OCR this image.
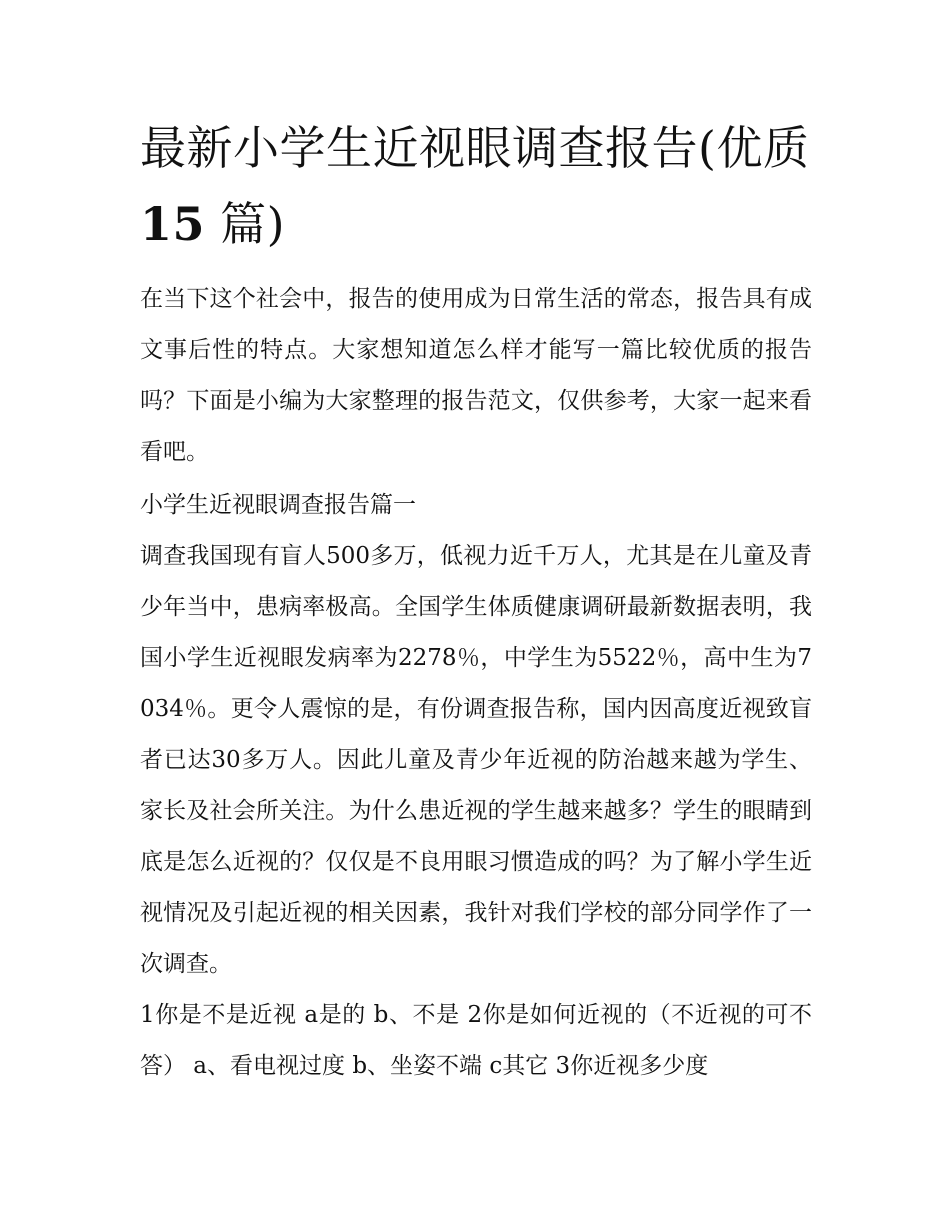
最新小学生近视眼调查报告(优质
15 篇)

在当下这个社会中，报告的使用成为日常生活的常态，报告具有成文事后性的特点。大家想知道怎么样才能写一篇比较优质的报告吗？下面是小编为大家整理的报告范文，仅供参考，大家一起来看看吧。

小学生近视眼调查报告篇一

调查我国现有盲人500多万，低视力近千万人，尤其是在儿童及青少年当中，患病率极高。全国学生体质健康调研最新数据表明，我国小学生近视眼发病率为2278％，中学生为5522％，高中生为7034％。更令人震惊的是，有份调查报告称，国内因高度近视致盲者已达30多万人。因此儿童及青少年近视的防治越来越为学生、家长及社会所关注。为什么患近视的学生越来越多？学生的眼睛到底是怎么近视的？仅仅是不良用眼习惯造成的吗？为了解小学生近视情况及引起近视的相关因素，我针对我们学校的部分同学作了一次调查。

1你是不是近视 a是的 b、不是 2你是如何近视的（不近视的可不答） a、看电视过度 b、坐姿不端 c其它 3你近视多少度
